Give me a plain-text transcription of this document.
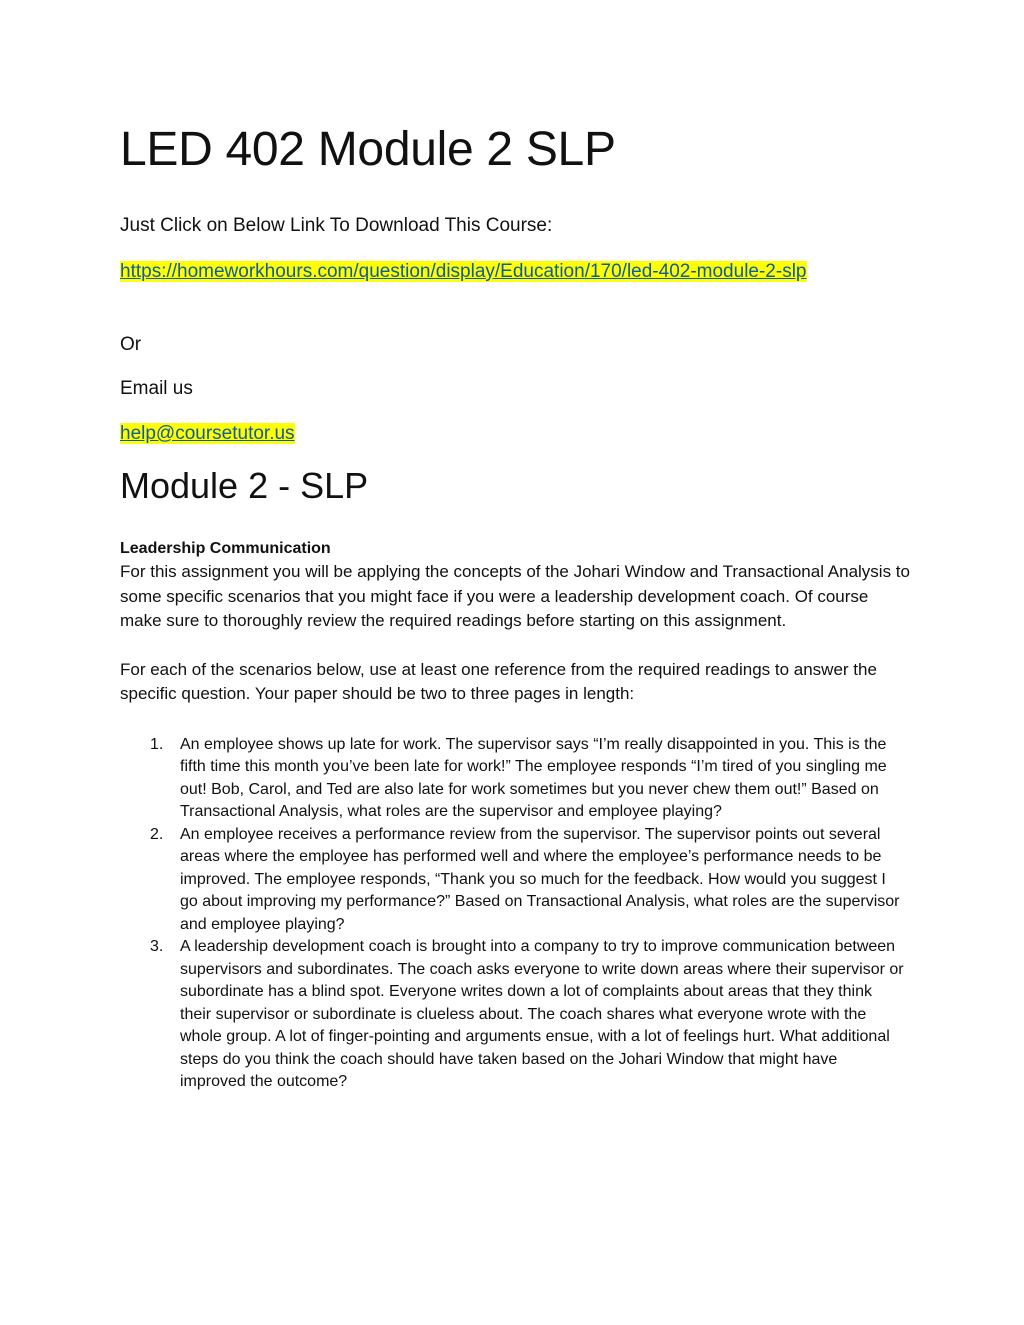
LED 402 Module 2 SLP

Just Click on Below Link To Download This Course:

https://homeworkhours.com/question/display/Education/170/led-402-module-2-slp

Or

Email us

help@coursetutor.us

Module 2 - SLP

Leadership Communication

For this assignment you will be applying the concepts of the Johari Window and Transactional Analysis to some specific scenarios that you might face if you were a leadership development coach. Of course make sure to thoroughly review the required readings before starting on this assignment.

For each of the scenarios below, use at least one reference from the required readings to answer the specific question. Your paper should be two to three pages in length:

An employee shows up late for work. The supervisor says “I’m really disappointed in you. This is the fifth time this month you’ve been late for work!” The employee responds “I’m tired of you singling me out! Bob, Carol, and Ted are also late for work sometimes but you never chew them out!” Based on Transactional Analysis, what roles are the supervisor and employee playing?
An employee receives a performance review from the supervisor. The supervisor points out several areas where the employee has performed well and where the employee’s performance needs to be improved. The employee responds, “Thank you so much for the feedback. How would you suggest I go about improving my performance?” Based on Transactional Analysis, what roles are the supervisor and employee playing?
A leadership development coach is brought into a company to try to improve communication between supervisors and subordinates. The coach asks everyone to write down areas where their supervisor or subordinate has a blind spot. Everyone writes down a lot of complaints about areas that they think their supervisor or subordinate is clueless about. The coach shares what everyone wrote with the whole group. A lot of finger-pointing and arguments ensue, with a lot of feelings hurt. What additional steps do you think the coach should have taken based on the Johari Window that might have improved the outcome?
